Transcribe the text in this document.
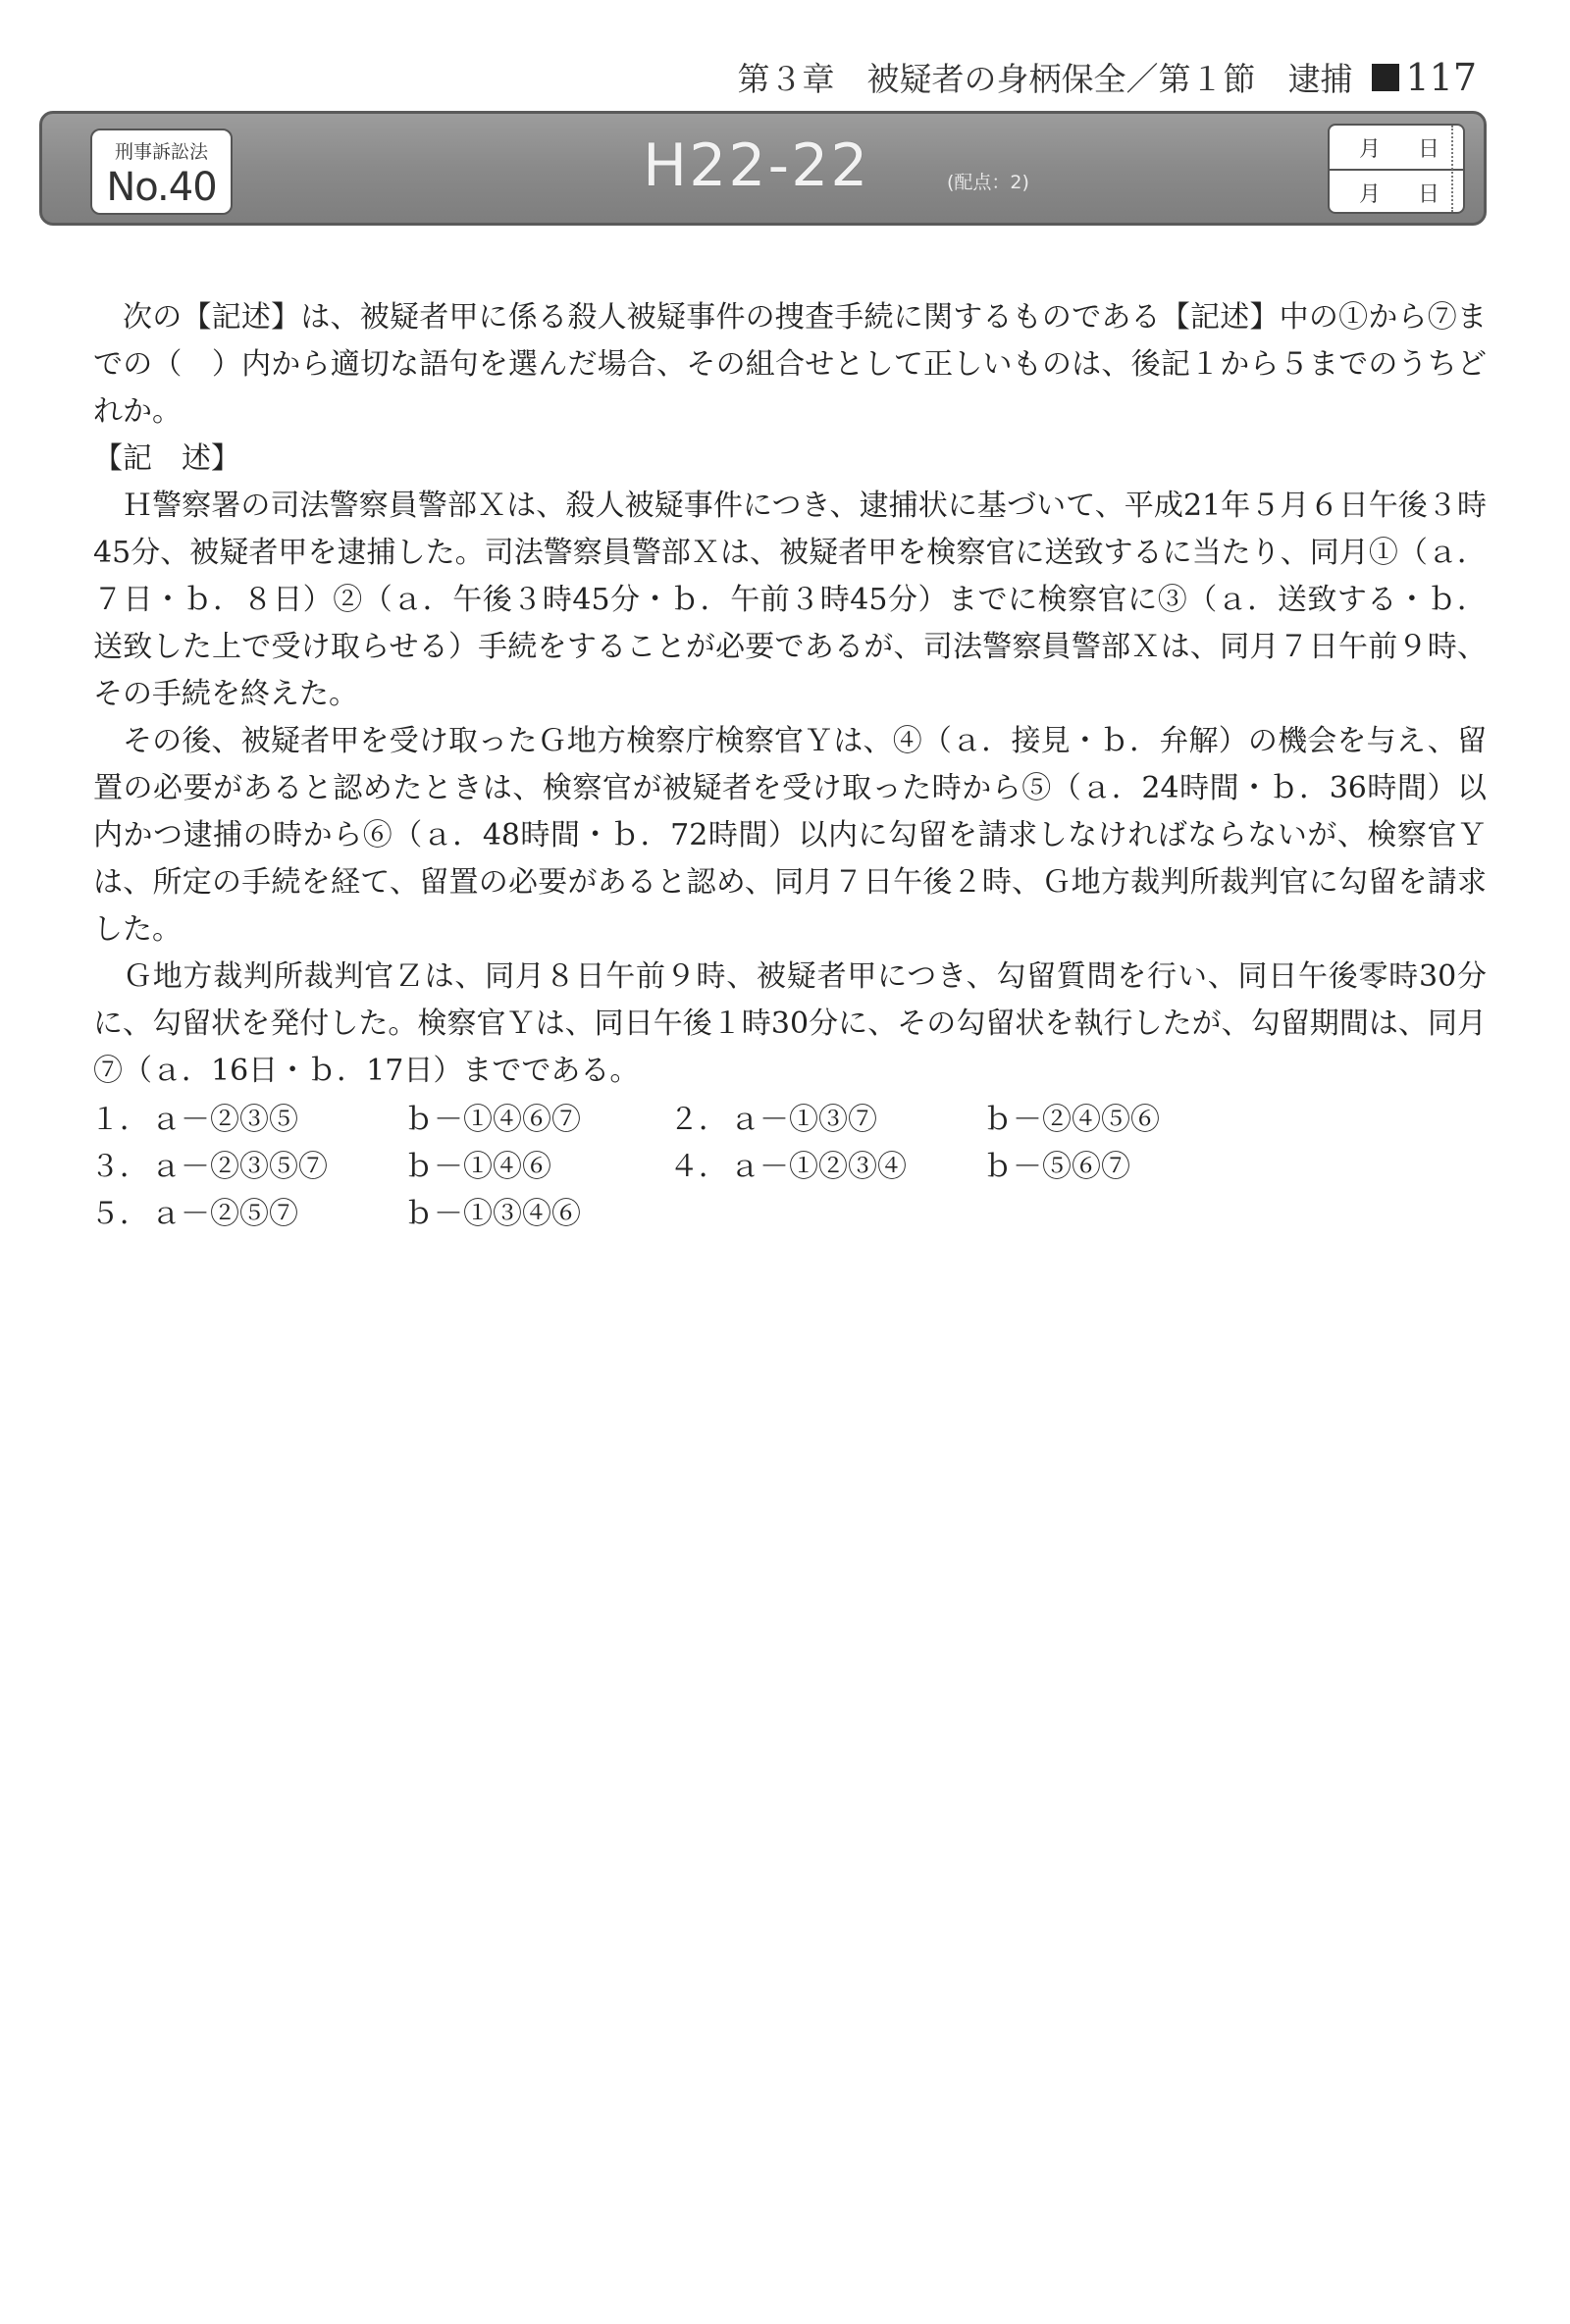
第３章　被疑者の身柄保全／第１節　逮捕 117
刑事訴訟法
No.40	H22-22	(配点：2)
月 日
月 日

次の【記述】は、被疑者甲に係る殺人被疑事件の捜査手続に関するものである【記述】中の①から⑦までの（　）内から適切な語句を選んだ場合、その組合せとして正しいものは、後記１から５までのうちどれか。

【記　述】

Ｈ警察署の司法警察員警部Ｘは、殺人被疑事件につき、逮捕状に基づいて、平成21年５月６日午後３時45分、被疑者甲を逮捕した。司法警察員警部Ｘは、被疑者甲を検察官に送致するに当たり、同月①（ａ．７日・ｂ．８日）②（ａ．午後３時45分・ｂ．午前３時45分）までに検察官に③（ａ．送致する・ｂ．送致した上で受け取らせる）手続をすることが必要であるが、司法警察員警部Ｘは、同月７日午前９時、その手続を終えた。

その後、被疑者甲を受け取ったＧ地方検察庁検察官Ｙは、④（ａ．接見・ｂ．弁解）の機会を与え、留置の必要があると認めたときは、検察官が被疑者を受け取った時から⑤（ａ．24時間・ｂ．36時間）以内かつ逮捕の時から⑥（ａ．48時間・ｂ．72時間）以内に勾留を請求しなければならないが、検察官Ｙは、所定の手続を経て、留置の必要があると認め、同月７日午後２時、Ｇ地方裁判所裁判官に勾留を請求した。

Ｇ地方裁判所裁判官Ｚは、同月８日午前９時、被疑者甲につき、勾留質問を行い、同日午後零時30分に、勾留状を発付した。検察官Ｙは、同日午後１時30分に、その勾留状を執行したが、勾留期間は、同月⑦（ａ．16日・ｂ．17日）までである。

１．ａ－②③⑤	ｂ－①④⑥⑦	２．ａ－①③⑦	ｂ－②④⑤⑥
３．ａ－②③⑤⑦	ｂ－①④⑥	４．ａ－①②③④	ｂ－⑤⑥⑦
５．ａ－②⑤⑦	ｂ－①③④⑥
